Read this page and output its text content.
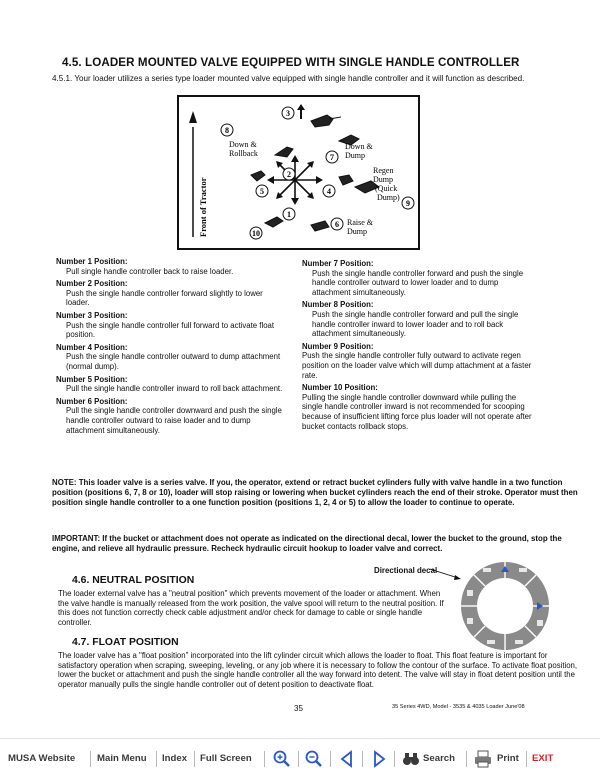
4.5. LOADER MOUNTED VALVE EQUIPPED WITH SINGLE HANDLE CONTROLLER
4.5.1. Your loader utilizes a series type loader mounted valve equipped with single handle controller and it will function as described.
Front of Tractor
3
8
7
2
5	4
1
6
10
9
Down &
Rollback
Down &
Dump
Regen
Dump
(Quick
Dump)
Raise &
Dump
Number 1 Position:
Pull single handle controller back to raise loader.
Number 2 Position:
Push the single handle controller forward slightly to lower loader.
Number 3 Position:
Push the single handle controller full forward to activate float position.
Number 4 Position:
Push the single handle controller outward to dump attachment (normal dump).
Number 5 Position:
Pull the single handle controller inward to roll back attachment.
Number 6 Position:
Pull the single handle controller downward and push the single handle controller outward to raise loader and to dump attachment simultaneously.
Number 7 Position:
Push the single handle controller forward and push the single handle controller outward to lower loader and to dump attachment simultaneously.
Number 8 Position:
Push the single handle controller forward and pull the single handle controller inward to lower loader and to roll back attachment simultaneously.
Number 9 Position:
Push the single handle controller fully outward to activate regen position on the loader valve which will dump attachment at a faster rate.
Number 10 Position:
Pulling the single handle controller downward while pulling the single handle controller inward is not recommended for scooping because of insufficient lifting force plus loader will not operate after bucket contacts rollback stops.
NOTE: This loader valve is a series valve. If you, the operator, extend or retract bucket cylinders fully with valve handle in a two function position (positions 6, 7, 8 or 10), loader will stop raising or lowering when bucket cylinders reach the end of their stroke. Operator must then position single handle controller to a one function position (positions 1, 2, 4 or 5) to allow the loader to continue to operate.
IMPORTANT: If the bucket or attachment does not operate as indicated on the directional decal, lower the bucket to the ground, stop the engine, and relieve all hydraulic pressure. Recheck hydraulic circuit hookup to loader valve and correct.
Directional decal
4.6. NEUTRAL POSITION
The loader external valve has a "neutral position" which prevents movement of the loader or attachment. When the valve handle is manually released from the work position, the valve spool will return to the neutral position. If this does not function correctly check cable adjustment and/or check for damage to cable or single handle controller.
4.7. FLOAT POSITION
The loader valve has a "float position" incorporated into the lift cylinder circuit which allows the loader to float. This float feature is important for satisfactory operation when scraping, sweeping, leveling, or any job where it is necessary to follow the contour of the surface. To activate float position, lower the bucket or attachment and push the single handle controller all the way forward into detent. The valve will stay in float detent position until the operator manually pulls the single handle controller out of detent position to deactivate float.
35	35 Series 4WD, Model - 3535 & 4035 Loader June'08
MUSA Website Main Menu Index Full Screen	Search	Print EXIT
